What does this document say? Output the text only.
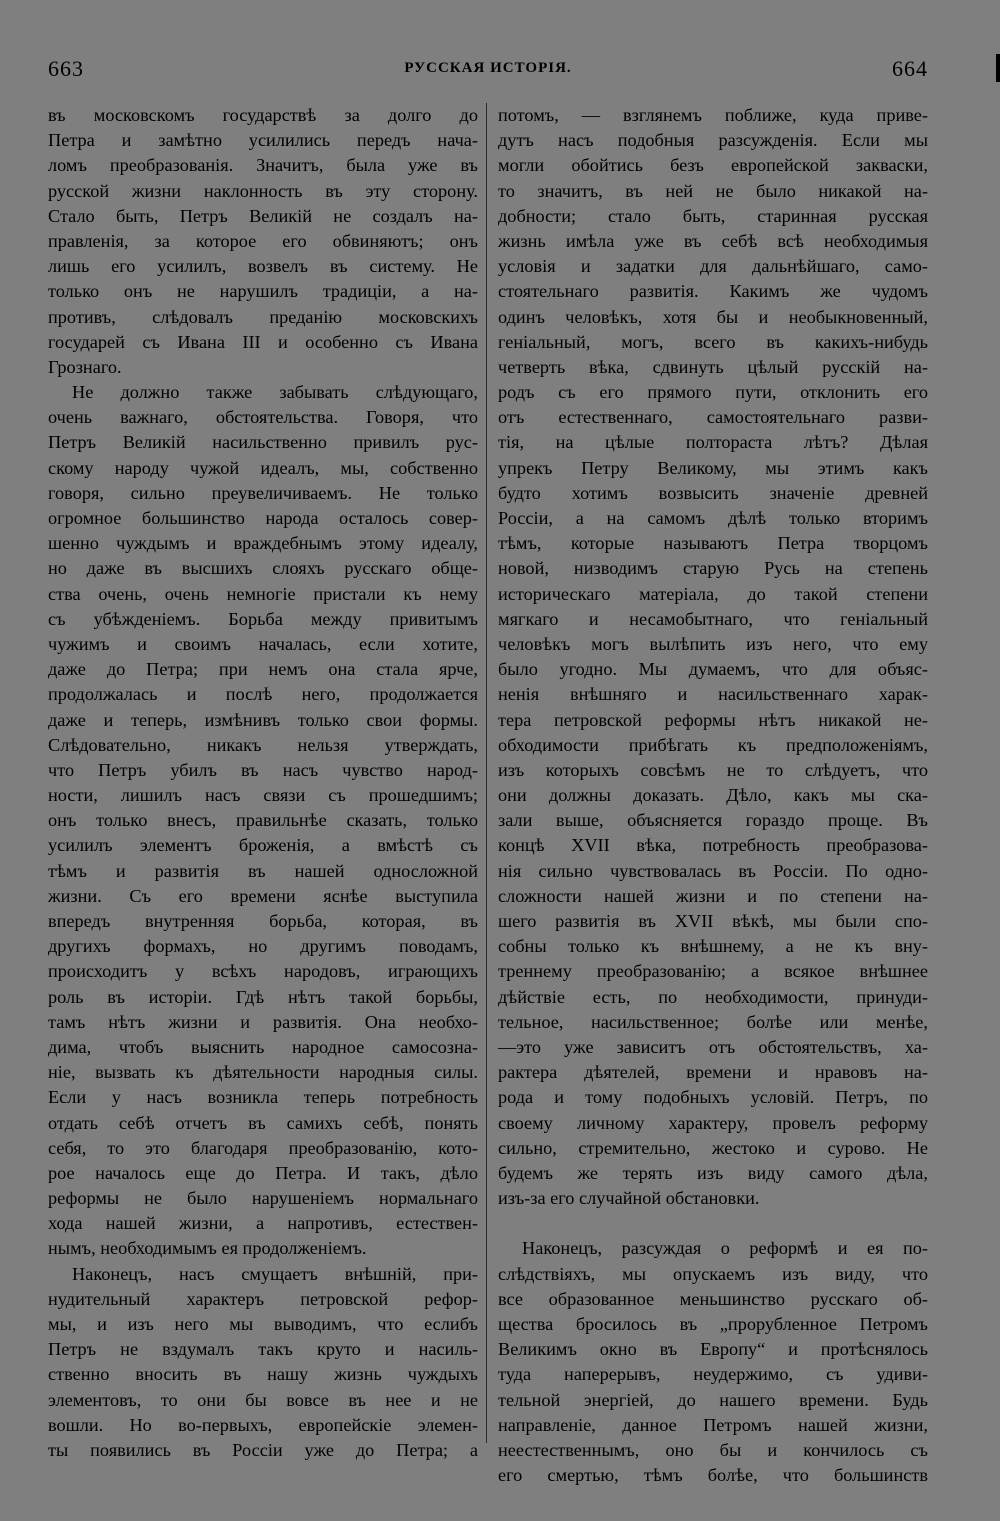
663	РУССКАЯ ИСТОРІЯ.	664
въ московскомъ государствѣ за долго до
Петра и замѣтно усилились передъ нача-
ломъ преобразованія. Значитъ, была уже въ
русской жизни наклонность въ эту сторону.
Стало быть, Петръ Великій не создалъ на-
правленія, за которое его обвиняютъ; онъ
лишь его усилилъ, возвелъ въ систему. Не
только онъ не нарушилъ традиціи, а на-
противъ, слѣдовалъ преданію московскихъ
государей съ Ивана III и особенно съ Ивана
Грознаго.
Не должно также забывать слѣдующаго,
очень важнаго, обстоятельства. Говоря, что
Петръ Великій насильственно привилъ рус-
скому народу чужой идеалъ, мы, собственно
говоря, сильно преувеличиваемъ. Не только
огромное большинство народа осталось совер-
шенно чуждымъ и враждебнымъ этому идеалу,
но даже въ высшихъ слояхъ русскаго обще-
ства очень, очень немногіе пристали къ нему
съ убѣжденіемъ. Борьба между привитымъ
чужимъ и своимъ началась, если хотите,
даже до Петра; при немъ она стала ярче,
продолжалась и послѣ него, продолжается
даже и теперь, измѣнивъ только свои формы.
Слѣдовательно, никакъ нельзя утверждать,
что Петръ убилъ въ насъ чувство народ-
ности, лишилъ насъ связи съ прошедшимъ;
онъ только внесъ, правильнѣе сказать, только
усилилъ элементъ броженія, а вмѣстѣ съ
тѣмъ и развитія въ нашей односложной
жизни. Съ его времени яснѣе выступила
впередъ внутренняя борьба, которая, въ
другихъ формахъ, но другимъ поводамъ,
происходитъ у всѣхъ народовъ, играющихъ
роль въ исторіи. Гдѣ нѣтъ такой борьбы,
тамъ нѣтъ жизни и развитія. Она необхо-
дима, чтобъ выяснить народное самосозна-
ніе, вызвать къ дѣятельности народныя силы.
Если у насъ возникла теперь потребность
отдать себѣ отчетъ въ самихъ себѣ, понять
себя, то это благодаря преобразованію, кото-
рое началось еще до Петра. И такъ, дѣло
реформы не было нарушеніемъ нормальнаго
хода нашей жизни, а напротивъ, естествен-
нымъ, необходимымъ ея продолженіемъ.
Наконецъ, насъ смущаетъ внѣшній, при-
нудительный характеръ петровской рефор-
мы, и изъ него мы выводимъ, что еслибъ
Петръ не вздумалъ такъ круто и насиль-
ственно вносить въ нашу жизнь чуждыхъ
элементовъ, то они бы вовсе въ нее и не
вошли. Но во-первыхъ, европейскіе элемен-
ты появились въ Россіи уже до Петра; а
потомъ, — взглянемъ поближе, куда приве-
дутъ насъ подобныя разсужденія. Если мы
могли обойтись безъ европейской закваски,
то значитъ, въ ней не было никакой на-
добности; стало быть, старинная русская
жизнь имѣла уже въ себѣ всѣ необходимыя
условія и задатки для дальнѣйшаго, само-
стоятельнаго развитія. Какимъ же чудомъ
одинъ человѣкъ, хотя бы и необыкновенный,
геніальный, могъ, всего въ какихъ-нибудь
четверть вѣка, сдвинуть цѣлый русскій на-
родъ съ его прямого пути, отклонить его
отъ естественнаго, самостоятельнаго разви-
тія, на цѣлые полтораста лѣтъ? Дѣлая
упрекъ Петру Великому, мы этимъ какъ
будто хотимъ возвысить значеніе древней
Россіи, а на самомъ дѣлѣ только вторимъ
тѣмъ, которые называютъ Петра творцомъ
новой, низводимъ старую Русь на степень
историческаго матеріала, до такой степени
мягкаго и несамобытнаго, что геніальный
человѣкъ могъ вылѣпить изъ него, что ему
было угодно. Мы думаемъ, что для объяс-
ненія внѣшняго и насильственнаго харак-
тера петровской реформы нѣтъ никакой не-
обходимости прибѣгать къ предположеніямъ,
изъ которыхъ совсѣмъ не то слѣдуетъ, что
они должны доказать. Дѣло, какъ мы ска-
зали выше, объясняется гораздо проще. Въ
концѣ XVII вѣка, потребность преобразова-
нія сильно чувствовалась въ Россіи. По одно-
сложности нашей жизни и по степени на-
шего развитія въ XVII вѣкѣ, мы были спо-
собны только къ внѣшнему, а не къ вну-
треннему преобразованію; а всякое внѣшнее
дѣйствіе есть, по необходимости, принуди-
тельное, насильственное; болѣе или менѣе,
—это уже зависитъ отъ обстоятельствъ, ха-
рактера дѣятелей, времени и нравовъ на-
рода и тому подобныхъ условій. Петръ, по
своему личному характеру, провелъ реформу
сильно, стремительно, жестоко и сурово. Не
будемъ же терять изъ виду самого дѣла,
изъ-за его случайной обстановки.
Наконецъ, разсуждая о реформѣ и ея по-
слѣдствіяхъ, мы опускаемъ изъ виду, что
все образованное меньшинство русскаго об-
щества бросилось въ „прорубленное Петромъ
Великимъ окно въ Европу“ и протѣснялось
туда наперерывъ, неудержимо, съ удиви-
тельной энергіей, до нашего времени. Будь
направленіе, данное Петромъ нашей жизни,
неестественнымъ, оно бы и кончилось съ
его смертью, тѣмъ болѣе, что большинств
